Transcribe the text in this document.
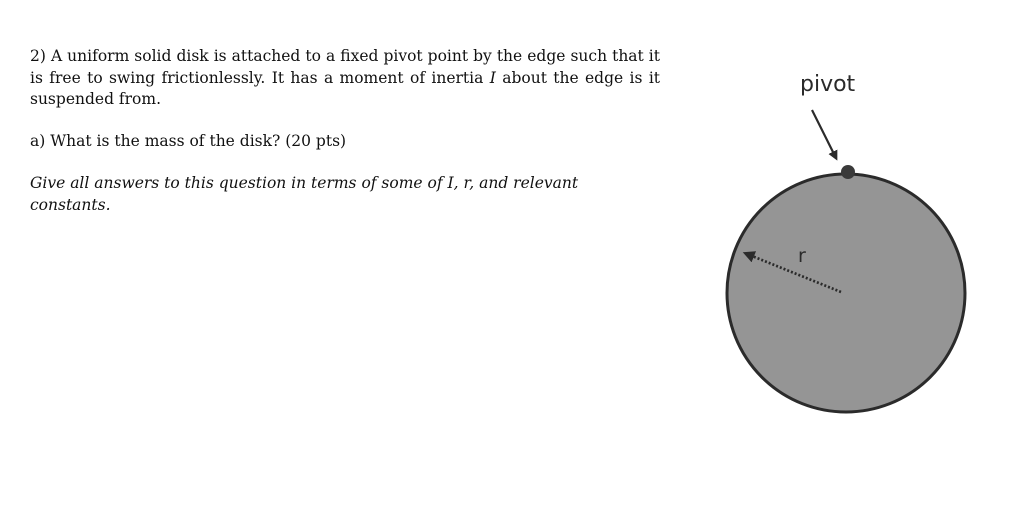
2) A uniform solid disk is attached to a fixed pivot point by the edge such that it is free to swing frictionlessly. It has a moment of inertia I about the edge is it suspended from.

a) What is the mass of the disk? (20 pts)

Give all answers to this question in terms of some of I, r, and relevant constants.

pivot
r
